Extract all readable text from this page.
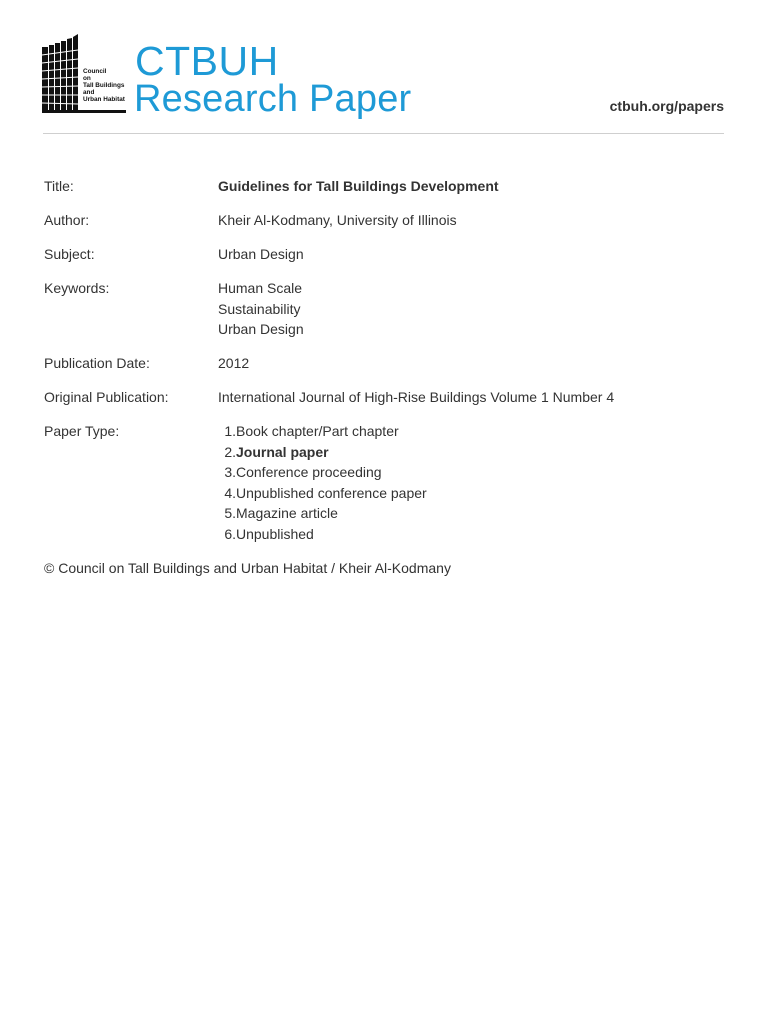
Council
on
Tall Buildings
and
Urban Habitat
CTBUH
Research Paper	ctbuh.org/papers
Title:	Guidelines for Tall Buildings Development
Author:	Kheir Al-Kodmany, University of Illinois
Subject:	Urban Design
Keywords:	Human Scale
Sustainability
Urban Design
Publication Date:	2012
Original Publication:	International Journal of High-Rise Buildings Volume 1 Number 4
Paper Type:	1. Book chapter/Part chapter
2. Journal paper
3. Conference proceeding
4. Unpublished conference paper
5. Magazine article
6. Unpublished
© Council on Tall Buildings and Urban Habitat / Kheir Al-Kodmany
